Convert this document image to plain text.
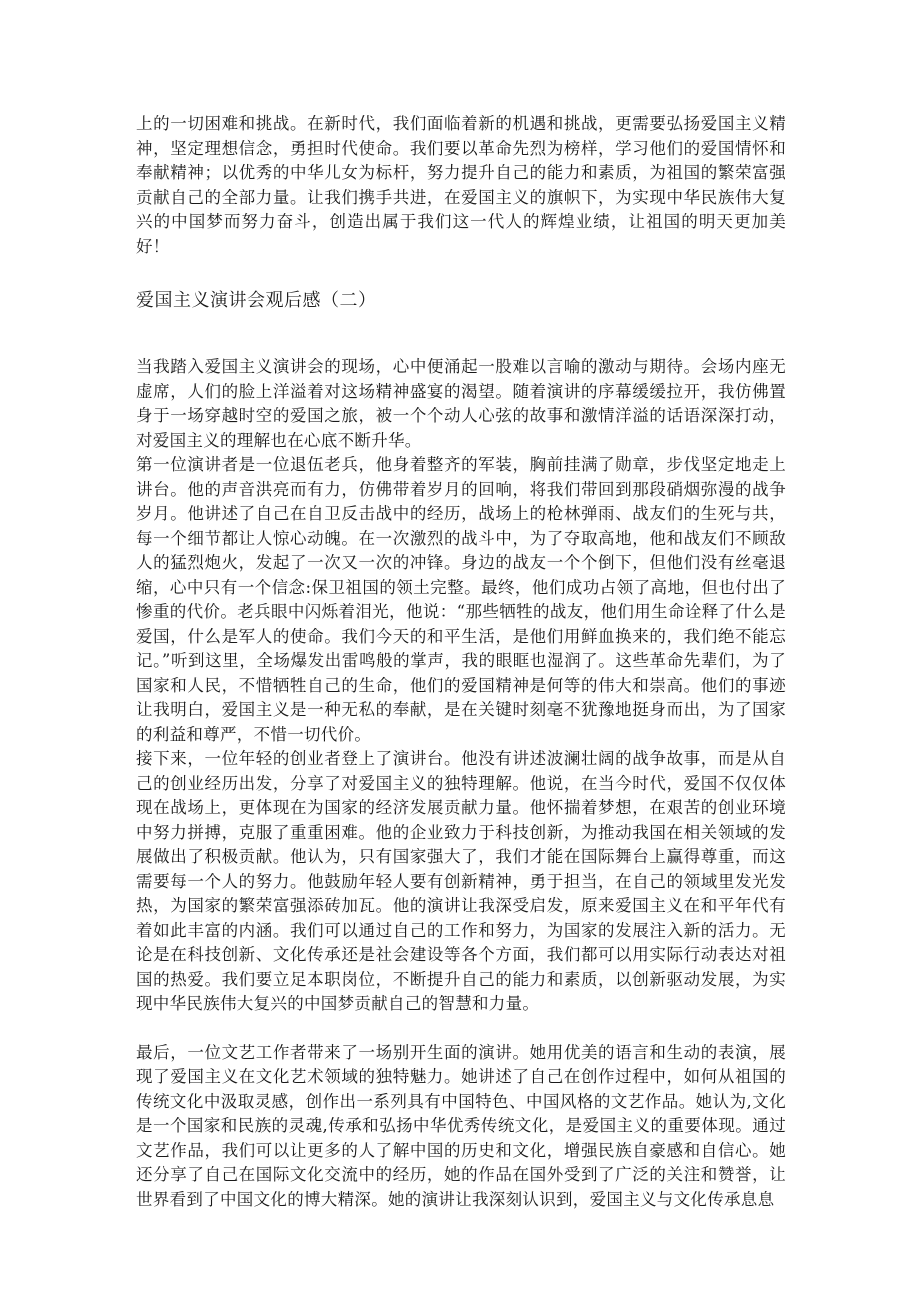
上的一切困难和挑战。在新时代，我们面临着新的机遇和挑战，更需要弘扬爱国主义精神，坚定理想信念，勇担时代使命。我们要以革命先烈为榜样，学习他们的爱国情怀和奉献精神；以优秀的中华儿女为标杆，努力提升自己的能力和素质，为祖国的繁荣富强贡献自己的全部力量。让我们携手共进，在爱国主义的旗帜下，为实现中华民族伟大复兴的中国梦而努力奋斗，创造出属于我们这一代人的辉煌业绩，让祖国的明天更加美好！

爱国主义演讲会观后感（二）

当我踏入爱国主义演讲会的现场，心中便涌起一股难以言喻的激动与期待。会场内座无虚席，人们的脸上洋溢着对这场精神盛宴的渴望。随着演讲的序幕缓缓拉开，我仿佛置身于一场穿越时空的爱国之旅，被一个个动人心弦的故事和激情洋溢的话语深深打动，对爱国主义的理解也在心底不断升华。

第一位演讲者是一位退伍老兵，他身着整齐的军装，胸前挂满了勋章，步伐坚定地走上讲台。他的声音洪亮而有力，仿佛带着岁月的回响，将我们带回到那段硝烟弥漫的战争岁月。他讲述了自己在自卫反击战中的经历，战场上的枪林弹雨、战友们的生死与共，每一个细节都让人惊心动魄。在一次激烈的战斗中，为了夺取高地，他和战友们不顾敌人的猛烈炮火，发起了一次又一次的冲锋。身边的战友一个个倒下，但他们没有丝毫退缩，心中只有一个信念:保卫祖国的领土完整。最终，他们成功占领了高地，但也付出了惨重的代价。老兵眼中闪烁着泪光，他说：“那些牺牲的战友，他们用生命诠释了什么是爱国，什么是军人的使命。我们今天的和平生活，是他们用鲜血换来的，我们绝不能忘记。”听到这里，全场爆发出雷鸣般的掌声，我的眼眶也湿润了。这些革命先辈们，为了国家和人民，不惜牺牲自己的生命，他们的爱国精神是何等的伟大和崇高。他们的事迹让我明白，爱国主义是一种无私的奉献，是在关键时刻毫不犹豫地挺身而出，为了国家的利益和尊严，不惜一切代价。

接下来，一位年轻的创业者登上了演讲台。他没有讲述波澜壮阔的战争故事，而是从自己的创业经历出发，分享了对爱国主义的独特理解。他说，在当今时代，爱国不仅仅体现在战场上，更体现在为国家的经济发展贡献力量。他怀揣着梦想，在艰苦的创业环境中努力拼搏，克服了重重困难。他的企业致力于科技创新，为推动我国在相关领域的发展做出了积极贡献。他认为，只有国家强大了，我们才能在国际舞台上赢得尊重，而这需要每一个人的努力。他鼓励年轻人要有创新精神，勇于担当，在自己的领域里发光发热，为国家的繁荣富强添砖加瓦。他的演讲让我深受启发，原来爱国主义在和平年代有着如此丰富的内涵。我们可以通过自己的工作和努力，为国家的发展注入新的活力。无论是在科技创新、文化传承还是社会建设等各个方面，我们都可以用实际行动表达对祖国的热爱。我们要立足本职岗位，不断提升自己的能力和素质，以创新驱动发展，为实现中华民族伟大复兴的中国梦贡献自己的智慧和力量。

最后，一位文艺工作者带来了一场别开生面的演讲。她用优美的语言和生动的表演，展现了爱国主义在文化艺术领域的独特魅力。她讲述了自己在创作过程中，如何从祖国的传统文化中汲取灵感，创作出一系列具有中国特色、中国风格的文艺作品。她认为,文化是一个国家和民族的灵魂,传承和弘扬中华优秀传统文化，是爱国主义的重要体现。通过文艺作品，我们可以让更多的人了解中国的历史和文化，增强民族自豪感和自信心。她还分享了自己在国际文化交流中的经历，她的作品在国外受到了广泛的关注和赞誉，让世界看到了中国文化的博大精深。她的演讲让我深刻认识到，爱国主义与文化传承息息
